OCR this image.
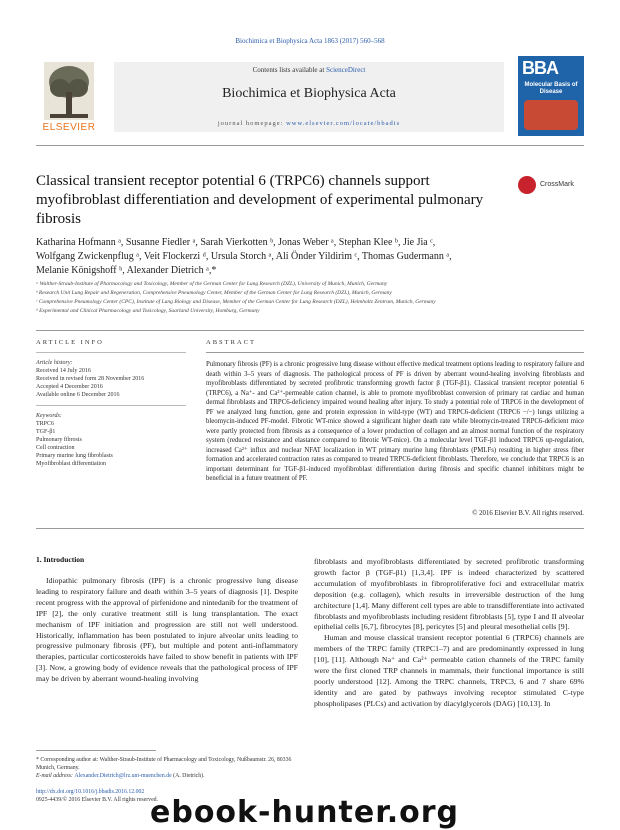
Biochimica et Biophysica Acta 1863 (2017) 560–568
ELSEVIER
Contents lists available at ScienceDirect
Biochimica et Biophysica Acta
journal homepage: www.elsevier.com/locate/bbadis
BBA
Molecular Basis of Disease
Classical transient receptor potential 6 (TRPC6) channels support myofibroblast differentiation and development of experimental pulmonary fibrosis
CrossMark
Katharina Hofmann ᵃ, Susanne Fiedler ᵃ, Sarah Vierkotten ᵇ, Jonas Weber ᵃ, Stephan Klee ᵇ, Jie Jia ᶜ,
Wolfgang Zwickenpflug ᵃ, Veit Flockerzi ᵈ, Ursula Storch ᵃ, Ali Önder Yildirim ᶜ, Thomas Gudermann ᵃ,
Melanie Königshoff ᵇ, Alexander Dietrich ᵃ,*

ᵃ Walther-Straub-Institute of Pharmacology and Toxicology, Member of the German Center for Lung Research (DZL), University of Munich, Munich, Germany

ᵇ Research Unit Lung Repair and Regeneration, Comprehensive Pneumology Center, Member of the German Center for Lung Research (DZL), Munich, Germany

ᶜ Comprehensive Pneumology Center (CPC), Institute of Lung Biology and Disease, Member of the German Center for Lung Research (DZL), Helmholtz Zentrum, Munich, Germany

ᵈ Experimental and Clinical Pharmacology and Toxicology, Saarland University, Homburg, Germany

ARTICLE INFO
Article history:
Received 14 July 2016
Received in revised form 28 November 2016
Accepted 4 December 2016
Available online 6 December 2016
Keywords:
TRPC6
TGF-β1
Pulmonary fibrosis
Cell contraction
Primary murine lung fibroblasts
Myofibroblast differentiation
ABSTRACT
Pulmonary fibrosis (PF) is a chronic progressive lung disease without effective medical treatment options leading to respiratory failure and death within 3–5 years of diagnosis. The pathological process of PF is driven by aberrant wound-healing involving fibroblasts and myofibroblasts differentiated by secreted profibrotic transforming growth factor β (TGF-β1). Classical transient receptor potential 6 (TRPC6), a Na⁺- and Ca²⁺-permeable cation channel, is able to promote myofibroblast conversion of primary rat cardiac and human dermal fibroblasts and TRPC6-deficiency impaired wound healing after injury. To study a potential role of TRPC6 in the development of PF we analyzed lung function, gene and protein expression in wild-type (WT) and TRPC6-deficient (TRPC6 −/−) lungs utilizing a bleomycin-induced PF-model. Fibrotic WT-mice showed a significant higher death rate while bleomycin-treated TRPC6-deficient mice were partly protected from fibrosis as a consequence of a lower production of collagen and an almost normal function of the respiratory system (reduced resistance and elastance compared to fibrotic WT-mice). On a molecular level TGF-β1 induced TRPC6 up-regulation, increased Ca²⁺ influx and nuclear NFAT localization in WT primary murine lung fibroblasts (PMLFs) resulting in higher stress fiber formation and accelerated contraction rates as compared to treated TRPC6-deficient fibroblasts. Therefore, we conclude that TRPC6 is an important determinant for TGF-β1-induced myofibroblast differentiation during fibrosis and specific channel inhibitors might be beneficial in a future treatment of PF.
© 2016 Elsevier B.V. All rights reserved.
1. Introduction

Idiopathic pulmonary fibrosis (IPF) is a chronic progressive lung disease leading to respiratory failure and death within 3–5 years of diagnosis [1]. Despite recent progress with the approval of pirfenidone and nintedanib for the treatment of IPF [2], the only curative treatment still is lung transplantation. The exact mechanism of IPF initiation and progression are still not well understood. Historically, inflammation has been postulated to injure alveolar units leading to progressive pulmonary fibrosis (PF), but multiple and potent anti-inflammatory therapies, particular corticosteroids have failed to show benefit in patients with IPF [3]. Now, a growing body of evidence reveals that the pathological process of IPF may be driven by aberrant wound-healing involving

fibroblasts and myofibroblasts differentiated by secreted profibrotic transforming growth factor β (TGF-β1) [1,3,4]. IPF is indeed characterized by scattered accumulation of myofibroblasts in fibroproliferative foci and extracellular matrix deposition (e.g. collagen), which results in irreversible destruction of the lung architecture [1,4]. Many different cell types are able to transdifferentiate into activated fibroblasts and myofibroblasts including resident fibroblasts [5], type I and II alveolar epithelial cells [6,7], fibrocytes [8], pericytes [5] and pleural mesothelial cells [9].

Human and mouse classical transient receptor potential 6 (TRPC6) channels are members of the TRPC family (TRPC1–7) and are predominantly expressed in lung [10], [11]. Although Na⁺ and Ca²⁺ permeable cation channels of the TRPC family were the first cloned TRP channels in mammals, their functional importance is still poorly understood [12]. Among the TRPC channels, TRPC3, 6 and 7 share 69% identity and are gated by pathways involving receptor stimulated C-type phospholipases (PLCs) and activation by diacylglycerols (DAG) [10,13]. In

* Corresponding author at: Walther-Straub-Institute of Pharmacology and Toxicology, Nußbaumstr. 26, 80336 Munich, Germany.
E-mail address: Alexander.Dietrich@lrz.uni-muenchen.de (A. Dietrich).
http://dx.doi.org/10.1016/j.bbadis.2016.12.002
0925-4439/© 2016 Elsevier B.V. All rights reserved.
ebook-hunter.org
